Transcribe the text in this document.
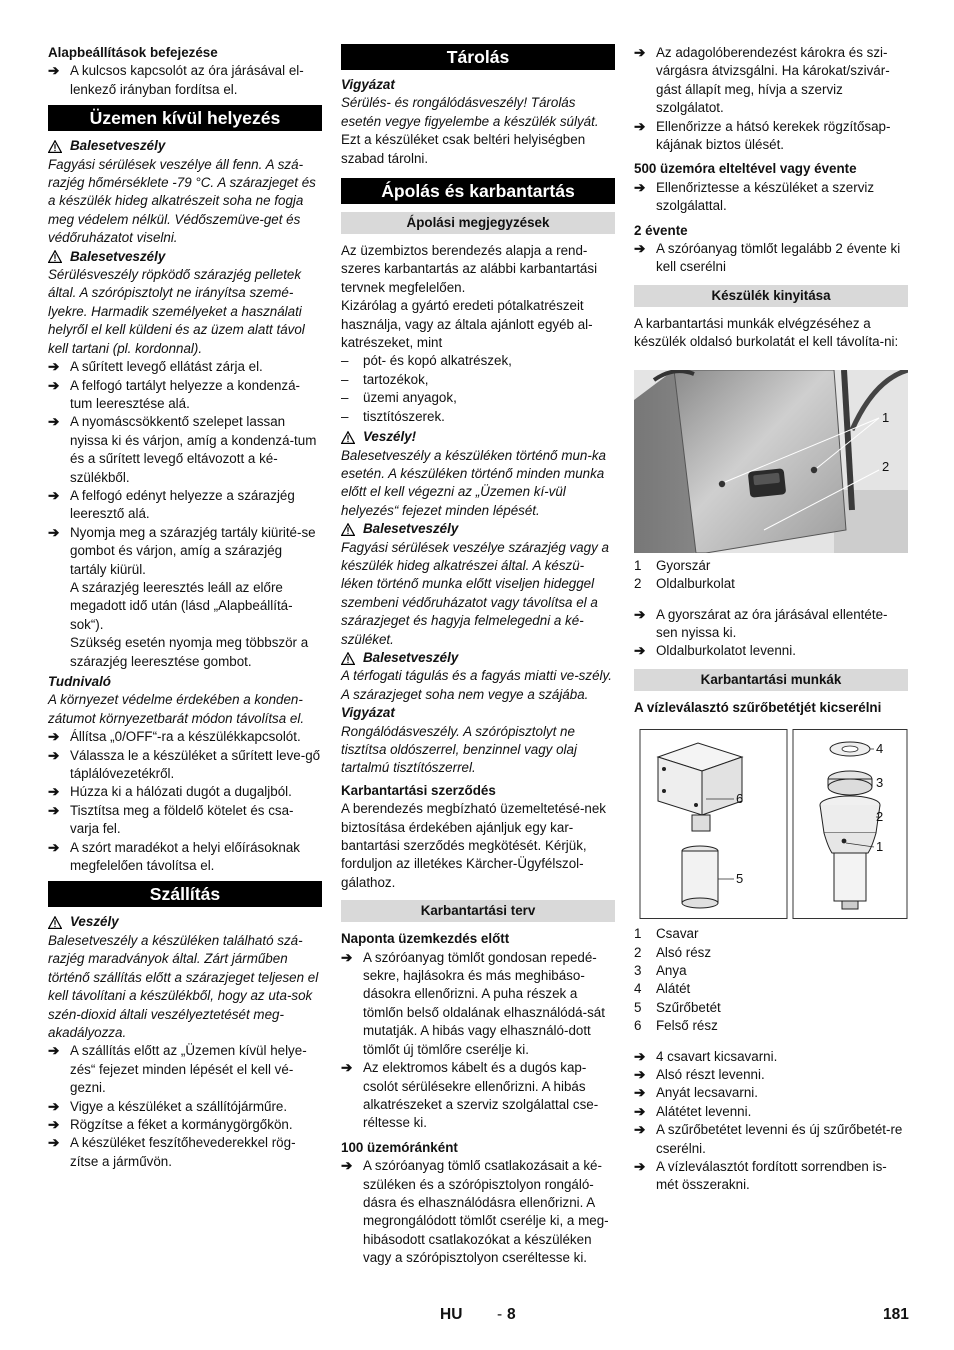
Alapbeállítások befejezése

➔ A kulcsos kapcsolót az óra járásával el-lenkező irányban fordítsa el.
Üzemen kívül helyezés
Balesetveszély

Fagyási sérülések veszélye áll fenn. A szá-razjég hőmérséklete -79 °C. A szárazjeget és a készülék hideg alkatrészeit soha ne fogja meg védelem nélkül. Védőszemüve-get és védőruházatot viselni.

Balesetveszély

Sérülésveszély röpködő szárazjég pelletek által. A szórópisztolyt ne irányítsa szemé-lyekre. Harmadik személyeket a használati helyről el kell küldeni és az üzem alatt távol kell tartani (pl. kordonnal).

➔ A sűrített levegő ellátást zárja el.
➔ A felfogó tartályt helyezze a kondenzá-tum leeresztése alá.
➔ A nyomáscsökkentő szelepet lassan nyissa ki és várjon, amíg a kondenzá-tum és a sűrített levegő eltávozott a ké-szülékből.
➔ A felfogó edényt helyezze a szárazjég leeresztő alá.
➔ Nyomja meg a szárazjég tartály kiürité-se gombot és várjon, amíg a szárazjég tartály kiürül.

A szárazjég leeresztés leáll az előre megadott idő után (lásd „Alapbeállítá-sok“).

Szükség esetén nyomja meg többször a szárazjég leeresztése gombot.

Tudnivaló

A környezet védelme érdekében a konden-zátumot környezetbarát módon távolítsa el.

➔ Állítsa „0/OFF“-ra a készülékkapcsolót.
➔ Válassza le a készüléket a sűrített leve-gő táplálóvezetékről.
➔ Húzza ki a hálózati dugót a dugaljból.
➔ Tisztítsa meg a földelő kötelet és csa-varja fel.
➔ A szórt maradékot a helyi előírásoknak megfelelően távolítsa el.
Szállítás
Veszély

Balesetveszély a készüléken található szá-razjég maradványok által. Zárt járműben történő szállítás előtt a szárazjeget teljesen el kell távolítani a készülékből, hogy az uta-sok szén-dioxid általi veszélyeztetését meg-akadályozza.

➔ A szállítás előtt az „Üzemen kívül helye-zés“ fejezet minden lépését el kell vé-gezni.
➔ Vigye a készüléket a szállítójárműre.
➔ Rögzítse a féket a kormánygörgőkön.
➔ A készüléket feszítőhevederekkel rög-zítse a járművön.
Tárolás

Vigyázat

Sérülés- és rongálódásveszély! Tárolás esetén vegye figyelembe a készülék súlyát.

Ezt a készüléket csak beltéri helyiségben szabad tárolni.

Ápolás és karbantartás
Ápolási megjegyzések

Az üzembiztos berendezés alapja a rend-szeres karbantartás az alábbi karbantartási tervnek megfelelően.

Kizárólag a gyártó eredeti pótalkatrészeit használja, vagy az általa ajánlott egyéb al-katrészeket, mint

–	pót- és kopó alkatrészek,
–	tartozékok,
–	üzemi anyagok,
–	tisztítószerek.
Veszély!

Balesetveszély a készüléken történő mun-ka esetén. A készüléken történő minden munka előtt el kell végezni az „Üzemen kí-vül helyezés“ fejezet minden lépését.

Balesetveszély

Fagyási sérülések veszélye szárazjég vagy a készülék hideg alkatrészei által. A készü-léken történő munka előtt viseljen hideggel szembeni védőruházatot vagy távolítsa el a szárazjeget és hagyja felmelegedni a ké-szüléket.

Balesetveszély

A térfogati tágulás és a fagyás miatti ve-szély.

A szárazjeget soha nem vegye a szájába.

Vigyázat

Rongálódásveszély. A szórópisztolyt ne tisztítsa oldószerrel, benzinnel vagy olaj tartalmú tisztítószerrel.

Karbantartási szerződés

A berendezés megbízható üzemeltetésé-nek biztosítása érdekében ajánljuk egy kar-bantartási szerződés megkötését. Kérjük, forduljon az illetékes Kärcher-Ügyfélszol-gálathoz.

Karbantartási terv

Naponta üzemkezdés előtt

➔ A szóróanyag tömlőt gondosan repedé-sekre, hajlásokra és más meghibáso-dásokra ellenőrizni. A puha részek a tömlőn belső oldalának elhasználódá-sát mutatják. A hibás vagy elhasználó-dott tömlőt új tömlőre cserélje ki.
➔ Az elektromos kábelt és a dugós kap-csolót sérülésekre ellenőrizni. A hibás alkatrészeket a szerviz szolgálattal cse-réltesse ki.

100 üzemóránként

➔ A szóróanyag tömlő csatlakozásait a ké-szüléken és a szórópisztolyon rongáló-dásra és elhasználódásra ellenőrizni. A megrongálódott tömlőt cserélje ki, a meg-hibásodott csatlakozókat a készüléken vagy a szórópisztolyon cseréltesse ki.
➔ Az adagolóberendezést károkra és szi-várgásra átvizsgálni. Ha károkat/szivár-gást állapít meg, hívja a szerviz szolgálatot.
➔ Ellenőrizze a hátsó kerekek rögzítősap-kájának biztos ülését.

500 üzemóra elteltével vagy évente

➔ Ellenőriztesse a készüléket a szerviz szolgálattal.

2 évente

➔ A szóróanyag tömlőt legalább 2 évente ki kell cserélni
Készülék kinyitása

A karbantartási munkák elvégzéséhez a készülék oldalsó burkolatát el kell távolíta-ni:

1
2
1	Gyorszár
2	Oldalburkolat
➔ A gyorszárat az óra járásával ellentéte-sen nyissa ki.
➔ Oldalburkolatot levenni.
Karbantartási munkák

A vízleválasztó szűrőbetétjét kicserélni

6
5
4
3
2
1
1	Csavar
2	Alsó rész
3	Anya
4	Alátét
5	Szűrőbetét
6	Felső rész
➔ 4 csavart kicsavarni.
➔ Alsó részt levenni.
➔ Anyát lecsavarni.
➔ Alátétet levenni.
➔ A szűrőbetétet levenni és új szűrőbetét-re cserélni.
➔ A vízleválasztót fordított sorrendben is-mét összerakni.
HU - 8	181
